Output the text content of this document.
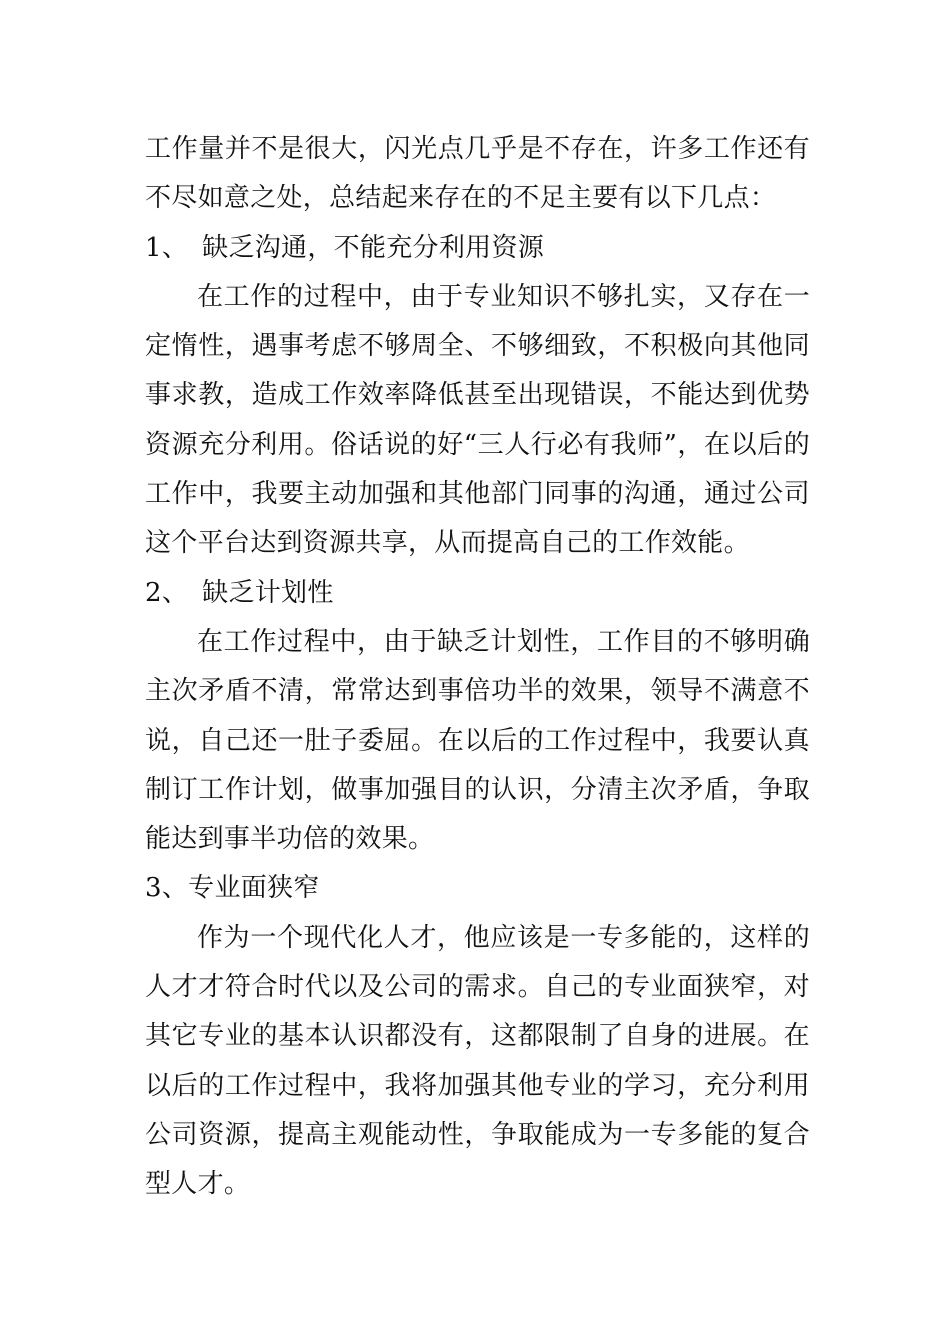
工作量并不是很大，闪光点几乎是不存在，许多工作还有不尽如意之处，总结起来存在的不足主要有以下几点：

1、 缺乏沟通，不能充分利用资源

在工作的过程中，由于专业知识不够扎实，又存在一定惰性，遇事考虑不够周全、不够细致，不积极向其他同事求教，造成工作效率降低甚至出现错误，不能达到优势资源充分利用。俗话说的好“三人行必有我师”，在以后的工作中，我要主动加强和其他部门同事的沟通，通过公司这个平台达到资源共享，从而提高自己的工作效能。

2、 缺乏计划性

在工作过程中，由于缺乏计划性，工作目的不够明确主次矛盾不清，常常达到事倍功半的效果，领导不满意不说，自己还一肚子委屈。在以后的工作过程中，我要认真制订工作计划，做事加强目的认识，分清主次矛盾，争取能达到事半功倍的效果。

3、专业面狭窄

作为一个现代化人才，他应该是一专多能的，这样的人才才符合时代以及公司的需求。自己的专业面狭窄，对其它专业的基本认识都没有，这都限制了自身的进展。在以后的工作过程中，我将加强其他专业的学习，充分利用公司资源，提高主观能动性，争取能成为一专多能的复合型人才。
